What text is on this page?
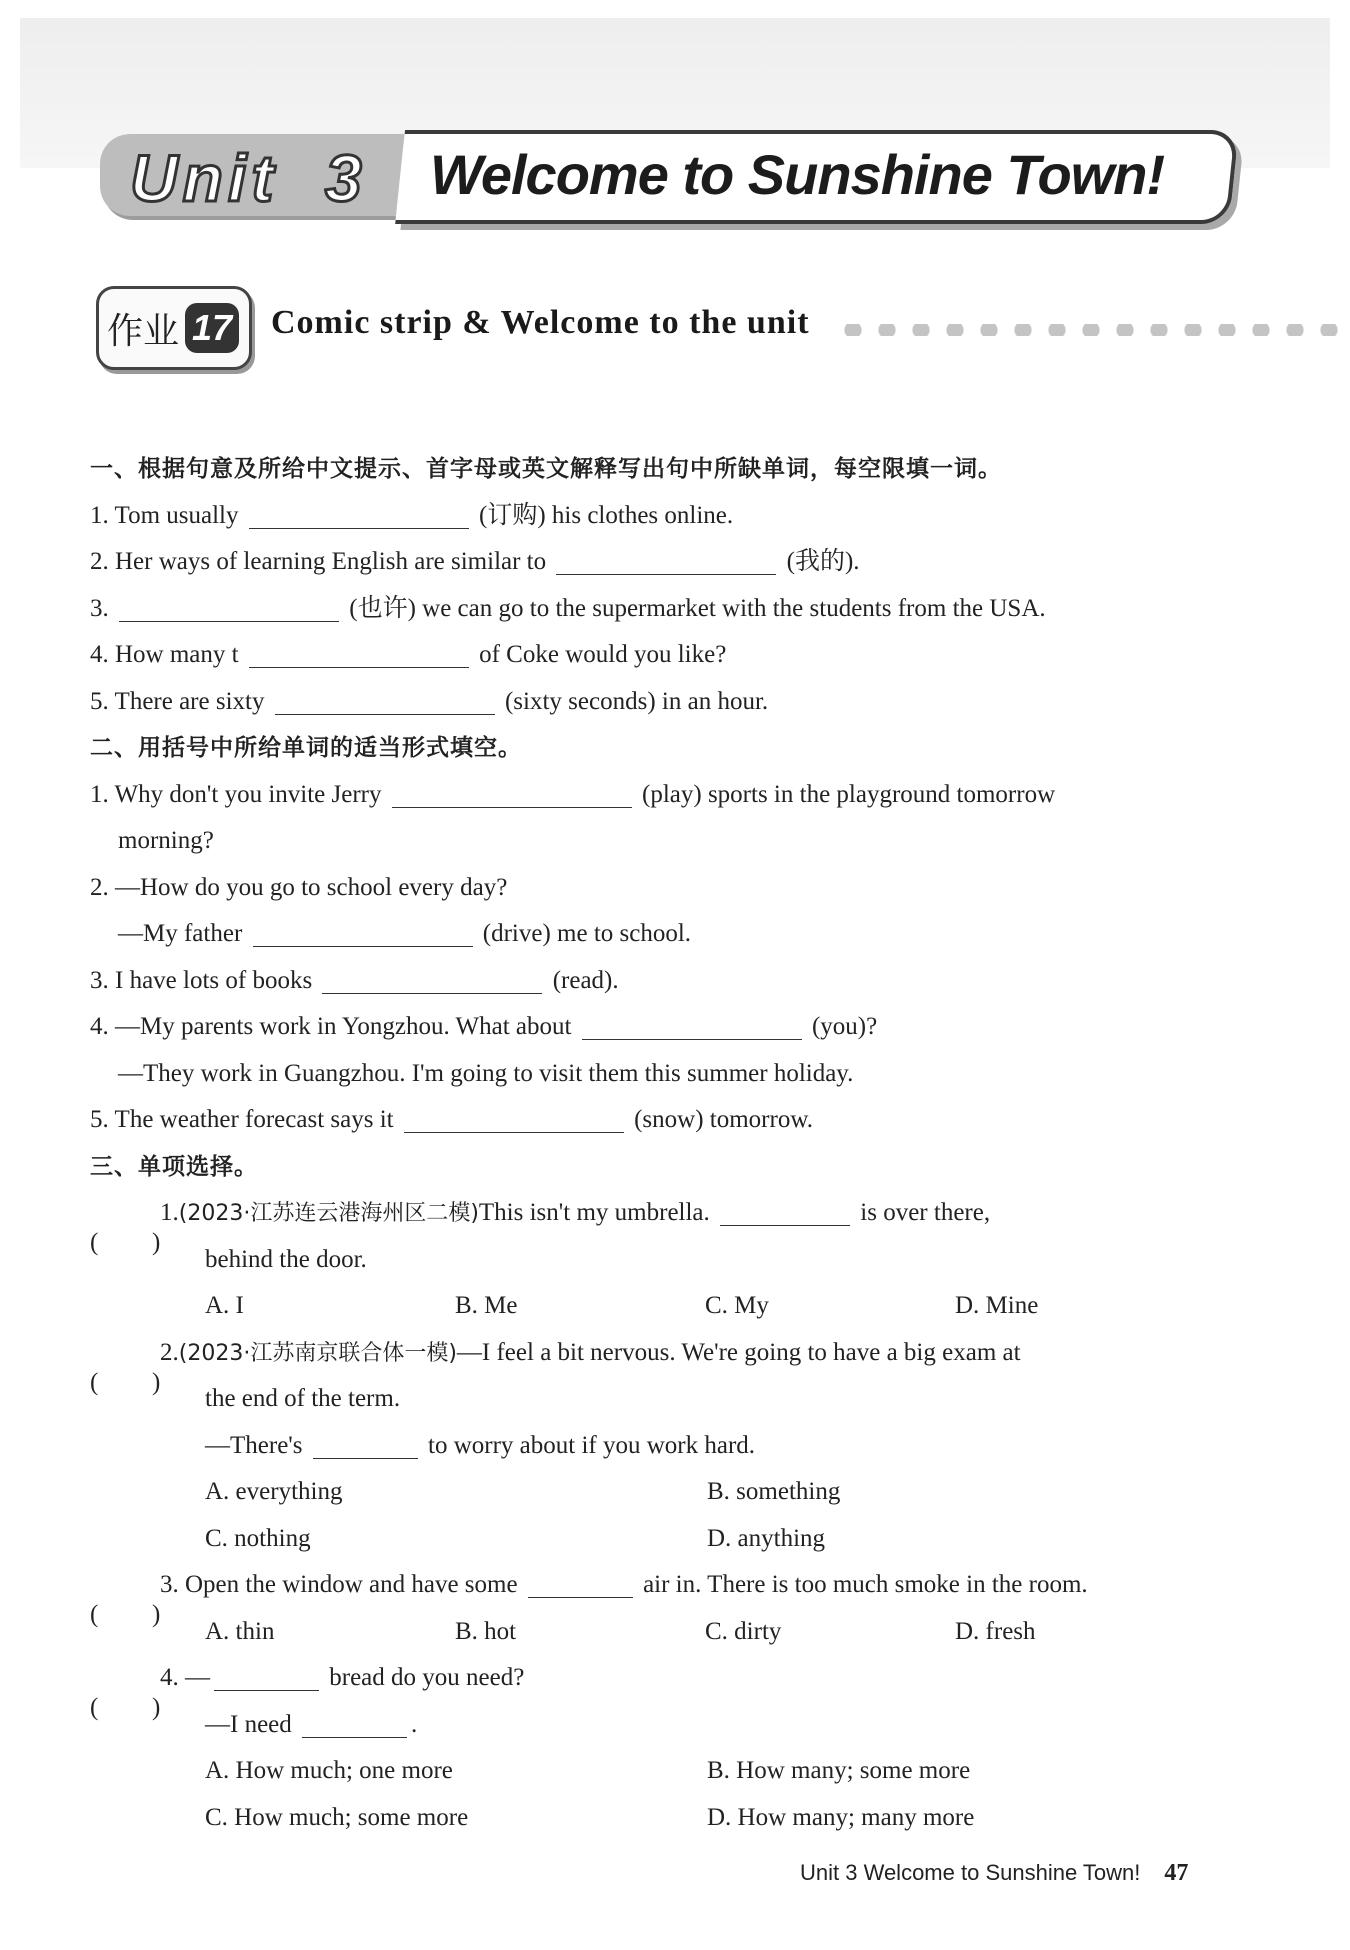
Unit  3 Welcome to Sunshine Town!
作业 17 Comic strip & Welcome to the unit
一、根据句意及所给中文提示、首字母或英文解释写出句中所缺单词，每空限填一词。
1. Tom usually	(订购) his clothes online.
2. Her ways of learning English are similar to	(我的).
3.	(也许) we can go to the supermarket with the students from the USA.
4. How many t	of Coke would you like?
5. There are sixty	(sixty seconds) in an hour.
二、用括号中所给单词的适当形式填空。
1. Why don't you invite Jerry	(play) sports in the playground tomorrow
morning?
2. —How do you go to school every day?
—My father	(drive) me to school.
3. I have lots of books	(read).
4. —My parents work in Yongzhou. What about	(you)?
—They work in Guangzhou. I'm going to visit them this summer holiday.
5. The weather forecast says it	(snow) tomorrow.
三、单项选择。
( )
1.(2023·江苏连云港海州区二模)This isn't my umbrella.	is over there,
behind the door.
A. I	B. Me	C. My	D. Mine
( )
2.(2023·江苏南京联合体一模)—I feel a bit nervous. We're going to have a big exam at
the end of the term.
—There's	to worry about if you work hard.
A. everything	B. something
C. nothing	D. anything
( )
3. Open the window and have some	air in. There is too much smoke in the room.
A. thin	B. hot	C. dirty	D. fresh
( )
4. —	bread do you need?
—I need	.
A. How much; one more	B. How many; some more
C. How much; some more	D. How many; many more
Unit 3 Welcome to Sunshine Town! 47
